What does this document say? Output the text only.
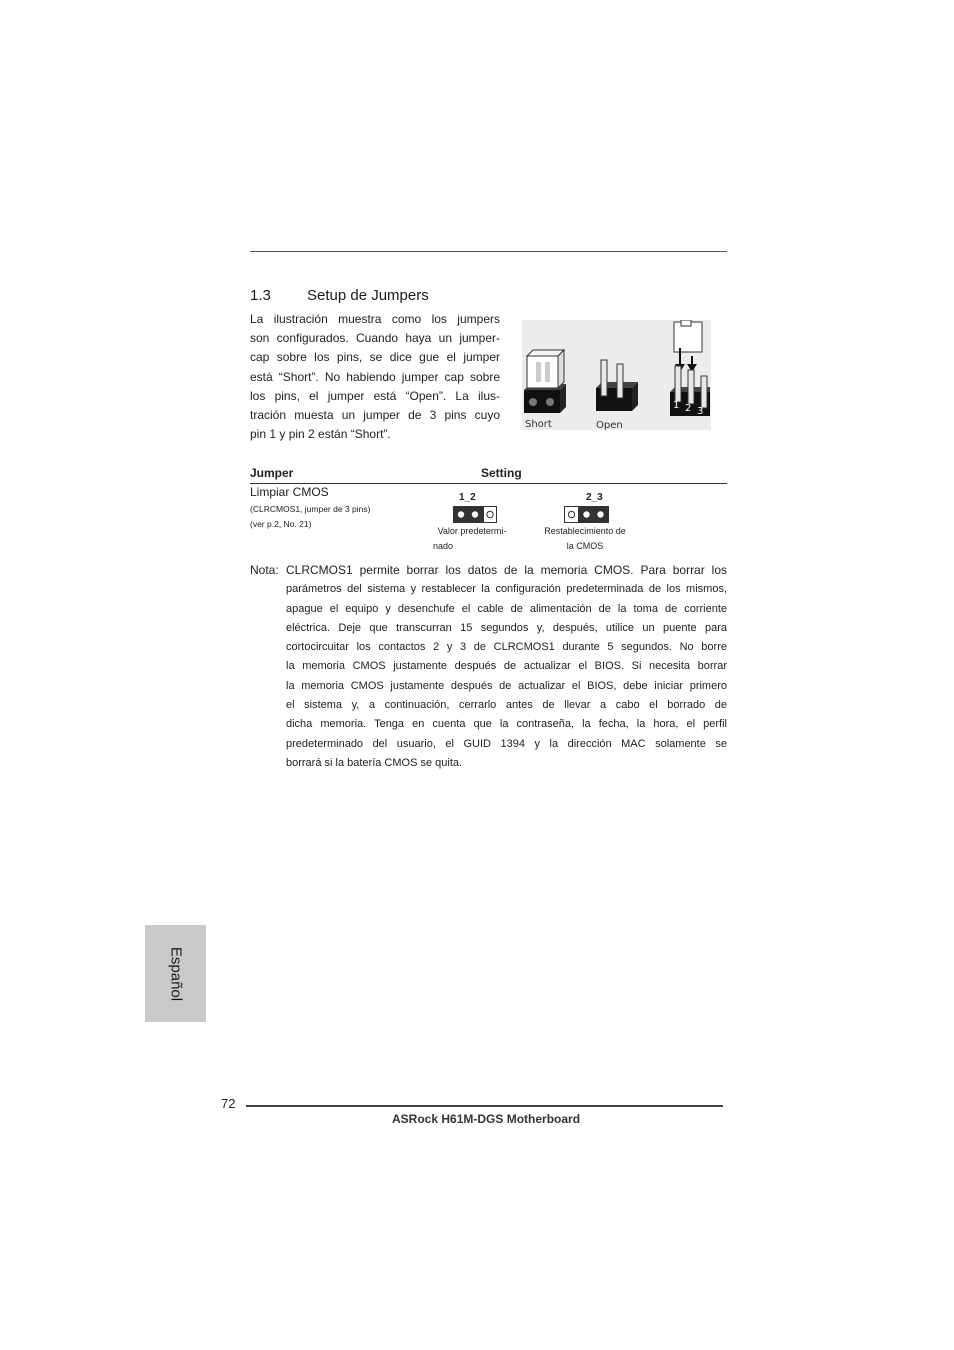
1.3 Setup de Jumpers
La ilustración muestra como los jumpers
son configurados. Cuando haya un jumper-
cap sobre los pins, se dice gue el jumper
está “Short”. No habiendo jumper cap sobre
los pins, el jumper está “Open”. La ilus-
tración muesta un jumper de 3 pins cuyo
pin 1 y pin 2 están “Short”.
Short	Open
1 2 3
Jumper	Setting
Limpiar CMOS
(CLRCMOS1, jumper de 3 pins)
(ver p.2, No. 21)
1_2
Valor predetermi-
nado
2_3
Restablecimiento de
la CMOS
Nota: CLRCMOS1 permite borrar los datos de la memoria CMOS. Para borrar los
parámetros del sistema y restablecer la configuración predeterminada de los mismos,
apague el equipo y desenchufe el cable de alimentación de la toma de corriente
eléctrica. Deje que transcurran 15 segundos y, después, utilice un puente para
cortocircuitar los contactos 2 y 3 de CLRCMOS1 durante 5 segundos. No borre
la memoria CMOS justamente después de actualizar el BIOS. Si necesita borrar
la memoria CMOS justamente después de actualizar el BIOS, debe iniciar primero
el sistema y, a continuación, cerrarlo antes de llevar a cabo el borrado de
dicha memoria. Tenga en cuenta que la contraseña, la fecha, la hora, el perfil
predeterminado del usuario, el GUID 1394 y la dirección MAC solamente se
borrará si la batería CMOS se quita.
Español
72
ASRock H61M-DGS Motherboard
